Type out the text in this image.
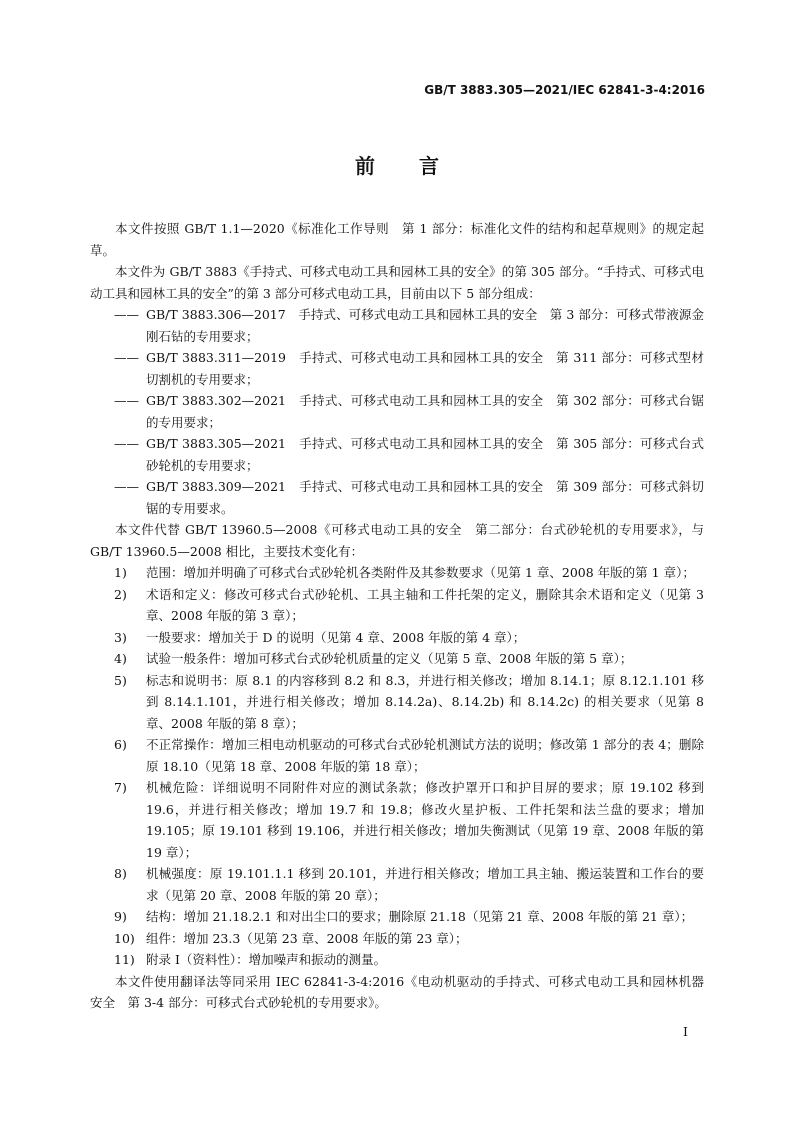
GB/T 3883.305—2021/IEC 62841-3-4:2016
前言

本文件按照 GB/T 1.1—2020《标准化工作导则　第 1 部分：标准化文件的结构和起草规则》的规定起草。

本文件为 GB/T 3883《手持式、可移式电动工具和园林工具的安全》的第 305 部分。“手持式、可移式电动工具和园林工具的安全”的第 3 部分可移式电动工具，目前由以下 5 部分组成：

—— GB/T 3883.306—2017　手持式、可移式电动工具和园林工具的安全　第 3 部分：可移式带液源金刚石钻的专用要求；

—— GB/T 3883.311—2019　手持式、可移式电动工具和园林工具的安全　第 311 部分：可移式型材切割机的专用要求；

—— GB/T 3883.302—2021　手持式、可移式电动工具和园林工具的安全　第 302 部分：可移式台锯的专用要求；

—— GB/T 3883.305—2021　手持式、可移式电动工具和园林工具的安全　第 305 部分：可移式台式砂轮机的专用要求；

—— GB/T 3883.309—2021　手持式、可移式电动工具和园林工具的安全　第 309 部分：可移式斜切锯的专用要求。

本文件代替 GB/T 13960.5—2008《可移式电动工具的安全　第二部分：台式砂轮机的专用要求》，与 GB/T 13960.5—2008 相比，主要技术变化有：

1) 范围：增加并明确了可移式台式砂轮机各类附件及其参数要求（见第 1 章、2008 年版的第 1 章）；

2) 术语和定义：修改可移式台式砂轮机、工具主轴和工件托架的定义，删除其余术语和定义（见第 3 章、2008 年版的第 3 章）；

3) 一般要求：增加关于 D 的说明（见第 4 章、2008 年版的第 4 章）；

4) 试验一般条件：增加可移式台式砂轮机质量的定义（见第 5 章、2008 年版的第 5 章）；

5) 标志和说明书：原 8.1 的内容移到 8.2 和 8.3，并进行相关修改；增加 8.14.1；原 8.12.1.101 移到 8.14.1.101，并进行相关修改；增加 8.14.2a)、8.14.2b) 和 8.14.2c) 的相关要求（见第 8 章、2008 年版的第 8 章）；

6) 不正常操作：增加三相电动机驱动的可移式台式砂轮机测试方法的说明；修改第 1 部分的表 4；删除原 18.10（见第 18 章、2008 年版的第 18 章）；

7) 机械危险：详细说明不同附件对应的测试条款；修改护罩开口和护目屏的要求；原 19.102 移到 19.6，并进行相关修改；增加 19.7 和 19.8；修改火星护板、工件托架和法兰盘的要求；增加 19.105；原 19.101 移到 19.106，并进行相关修改；增加失衡测试（见第 19 章、2008 年版的第 19 章）；

8) 机械强度：原 19.101.1.1 移到 20.101，并进行相关修改；增加工具主轴、搬运装置和工作台的要求（见第 20 章、2008 年版的第 20 章）；

9) 结构：增加 21.18.2.1 和对出尘口的要求；删除原 21.18（见第 21 章、2008 年版的第 21 章）；

10) 组件：增加 23.3（见第 23 章、2008 年版的第 23 章）；

11) 附录 I（资料性）：增加噪声和振动的测量。

本文件使用翻译法等同采用 IEC 62841-3-4:2016《电动机驱动的手持式、可移式电动工具和园林机器　安全　第 3-4 部分：可移式台式砂轮机的专用要求》。

I
